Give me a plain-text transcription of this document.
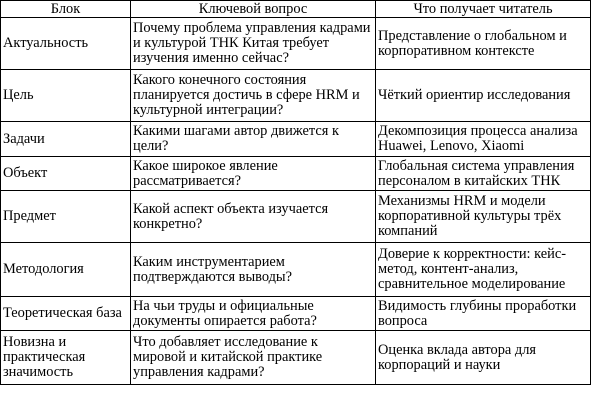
Блок	Ключевой вопрос	Что получает читатель
Актуальность	Почему проблема управления кадрами и культурой ТНК Китая требует изучения именно сейчас?	Представление о глобальном и корпоративном контексте
Цель	Какого конечного состояния планируется достичь в сфере HRM и культурной интеграции?	Чёткий ориентир исследования
Задачи	Какими шагами автор движется к цели?	Декомпозиция процесса анализа Huawei, Lenovo, Xiaomi
Объект	Какое широкое явление рассматривается?	Глобальная система управления персоналом в китайских ТНК
Предмет	Какой аспект объекта изучается конкретно?	Механизмы HRM и модели корпоративной культуры трёх компаний
Методология	Каким инструментарием подтверждаются выводы?	Доверие к корректности: кейс-метод, контент-анализ, сравнительное моделирование
Теоретическая база	На чьи труды и официальные документы опирается работа?	Видимость глубины проработки вопроса
Новизна и практическая значимость	Что добавляет исследование к мировой и китайской практике управления кадрами?	Оценка вклада автора для корпораций и науки
